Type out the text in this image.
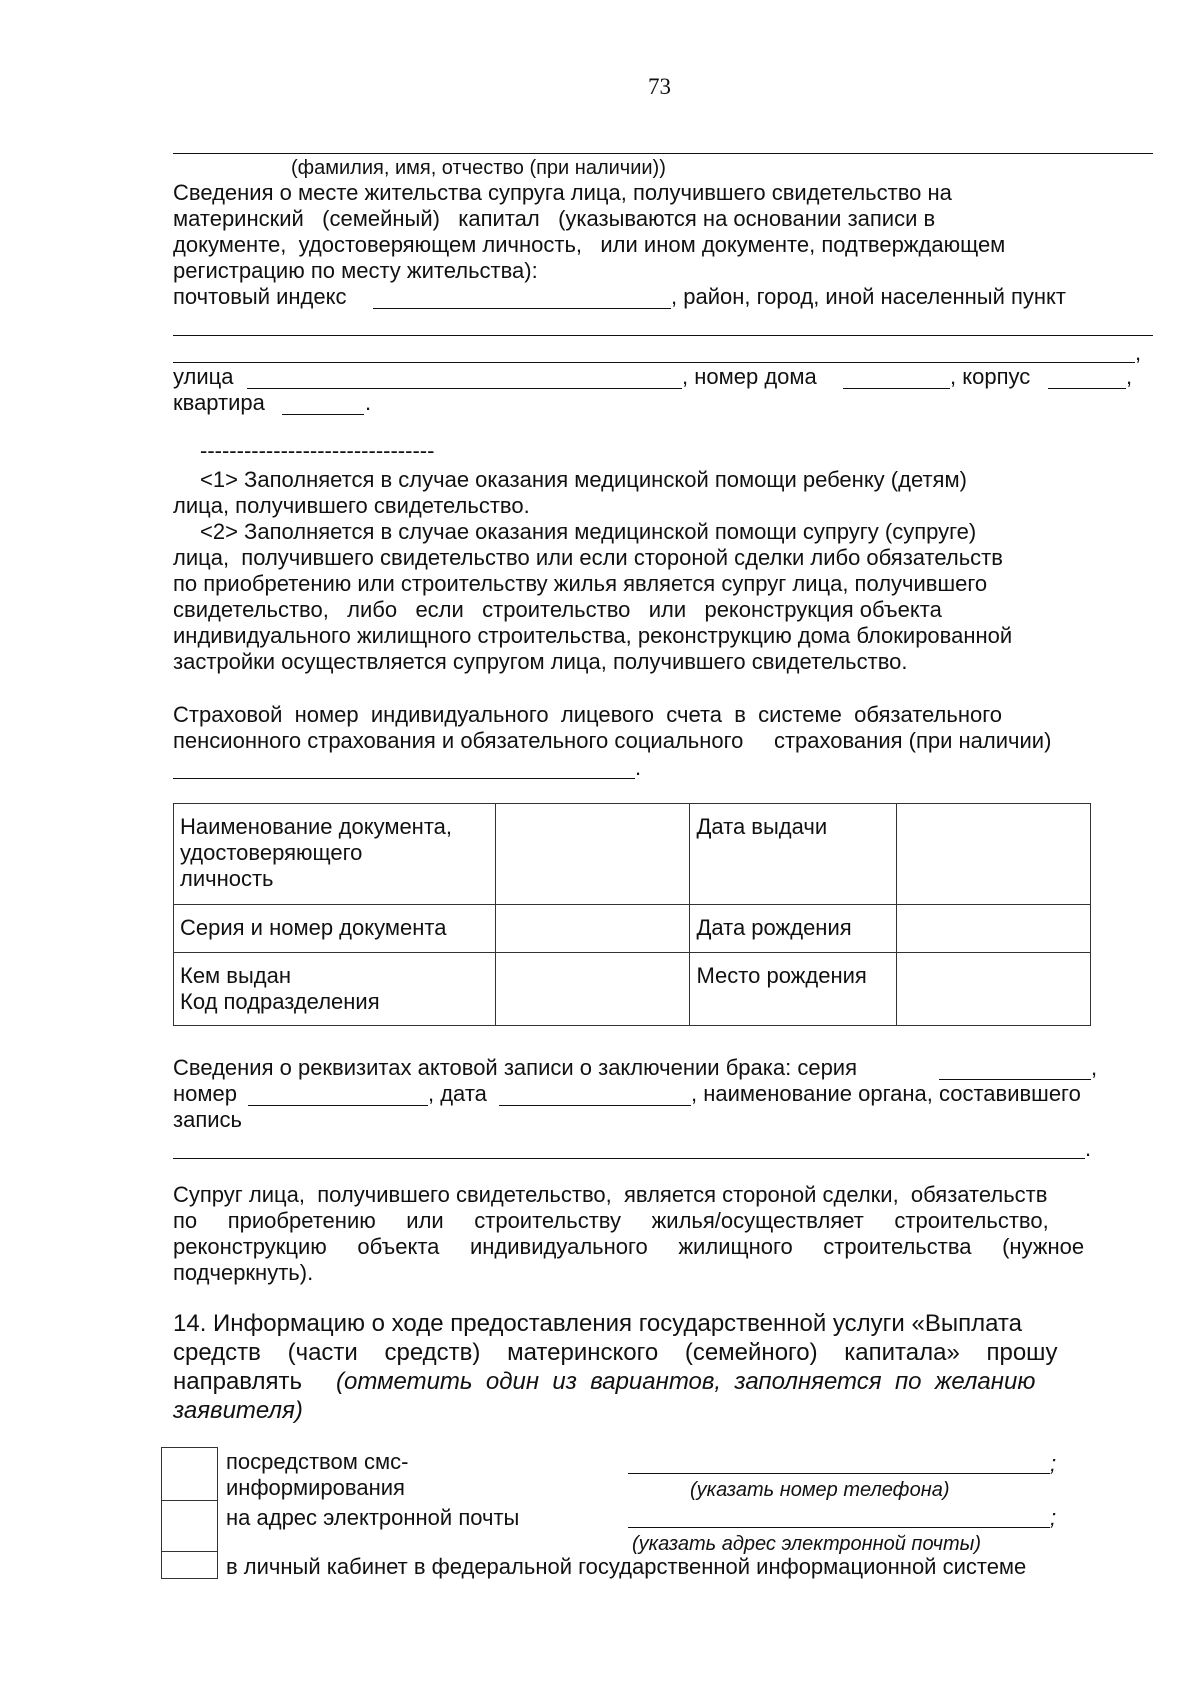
73
(фамилия, имя, отчество (при наличии))
Сведения о месте жительства супруга лица, получившего свидетельство на
материнский   (семейный)   капитал   (указываются на основании записи в
документе,  удостоверяющем личность,   или ином документе, подтверждающем
регистрацию по месту жительства):
почтовый индекс	, район, город, иной населенный пункт
,
улица	, номер дома	, корпус	,
квартира	.
--------------------------------
<1> Заполняется в случае оказания медицинской помощи ребенку (детям)
лица, получившего свидетельство.
<2> Заполняется в случае оказания медицинской помощи супругу (супруге)
лица,  получившего свидетельство или если стороной сделки либо обязательств
по приобретению или строительству жилья является супруг лица, получившего
свидетельство,   либо   если   строительство   или   реконструкция объекта
индивидуального жилищного строительства, реконструкцию дома блокированной
застройки осуществляется супругом лица, получившего свидетельство.
Страховой  номер  индивидуального  лицевого  счета  в  системе  обязательного
пенсионного страхования и обязательного социального     страхования (при наличии)
.
Наименование документа,
удостоверяющего
личность		Дата выдачи	
Серия и номер документа		Дата рождения	

Кем выдан
Код подразделения		Место рождения	
Сведения о реквизитах актовой записи о заключении брака: серия	,
номер	, дата	, наименование органа, составившего
запись
.
Супруг лица,  получившего свидетельство,  является стороной сделки,  обязательств
по     приобретению     или     строительству     жилья/осуществляет     строительство,
реконструкцию     объекта     индивидуального     жилищного     строительства     (нужное
подчеркнуть).
14. Информацию о ходе предоставления государственной услуги «Выплата
средств    (части    средств)    материнского    (семейного)    капитала»    прошу
направлять (отметить  один  из  вариантов,  заполняется  по  желанию
заявителя)
посредством смс-
информирования
;
(указать номер телефона)
на адрес электронной почты	;
(указать адрес электронной почты)
в личный кабинет в федеральной государственной информационной системе
